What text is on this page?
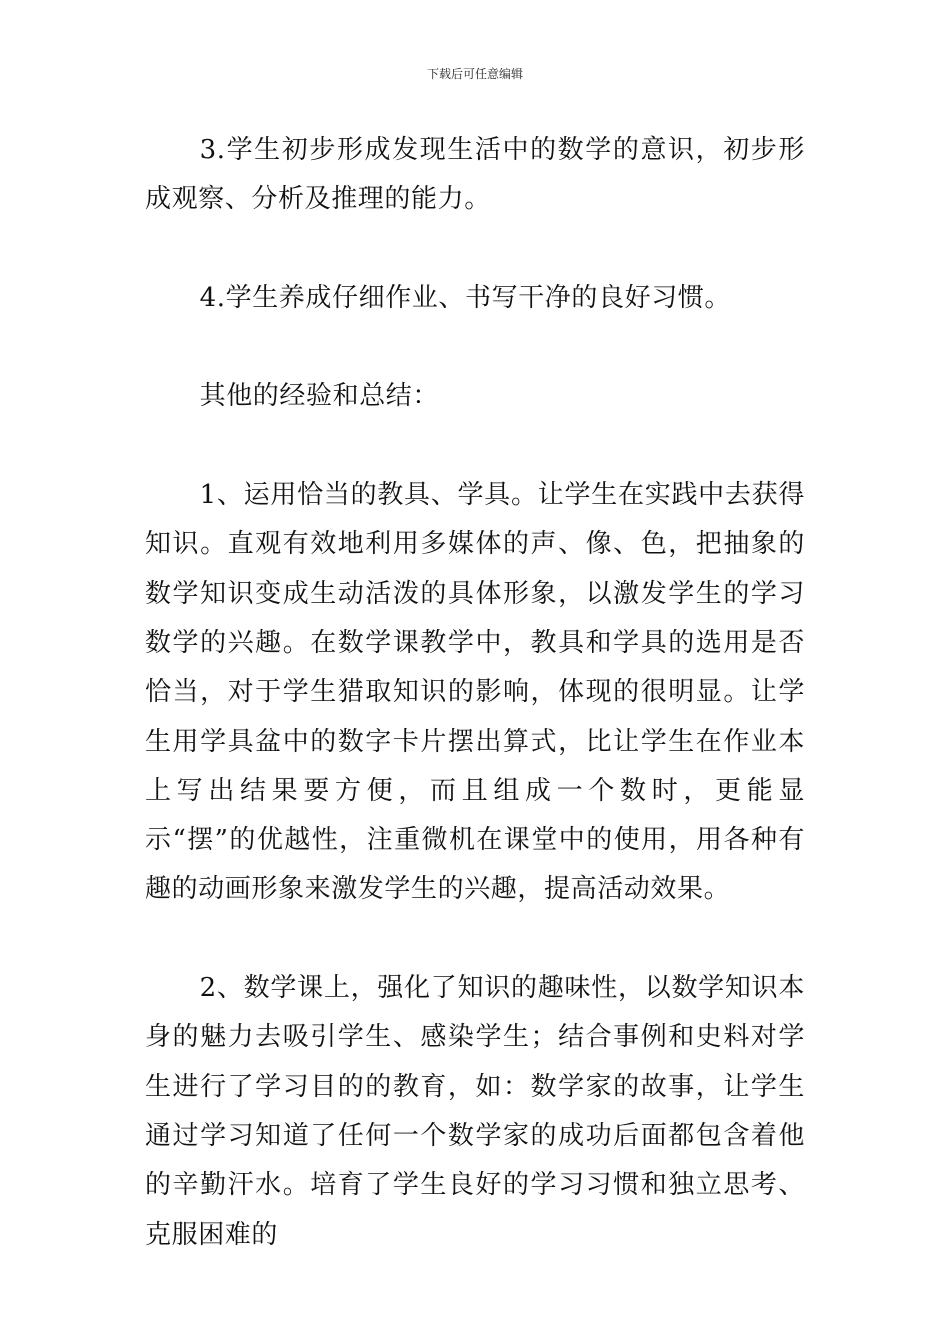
下载后可任意编辑

3.学生初步形成发现生活中的数学的意识，初步形成观察、分析及推理的能力。

4.学生养成仔细作业、书写干净的良好习惯。

其他的经验和总结：

1、运用恰当的教具、学具。让学生在实践中去获得知识。直观有效地利用多媒体的声、像、色，把抽象的数学知识变成生动活泼的具体形象，以激发学生的学习数学的兴趣。在数学课教学中，教具和学具的选用是否恰当，对于学生猎取知识的影响，体现的很明显。让学生用学具盆中的数字卡片摆出算式，比让学生在作业本上写出结果要方便，而且组成一个数时，更能显示“摆”的优越性，注重微机在课堂中的使用，用各种有趣的动画形象来激发学生的兴趣，提高活动效果。

2、数学课上，强化了知识的趣味性，以数学知识本身的魅力去吸引学生、感染学生；结合事例和史料对学生进行了学习目的的教育，如：数学家的故事，让学生通过学习知道了任何一个数学家的成功后面都包含着他的辛勤汗水。培育了学生良好的学习习惯和独立思考、克服困难的
